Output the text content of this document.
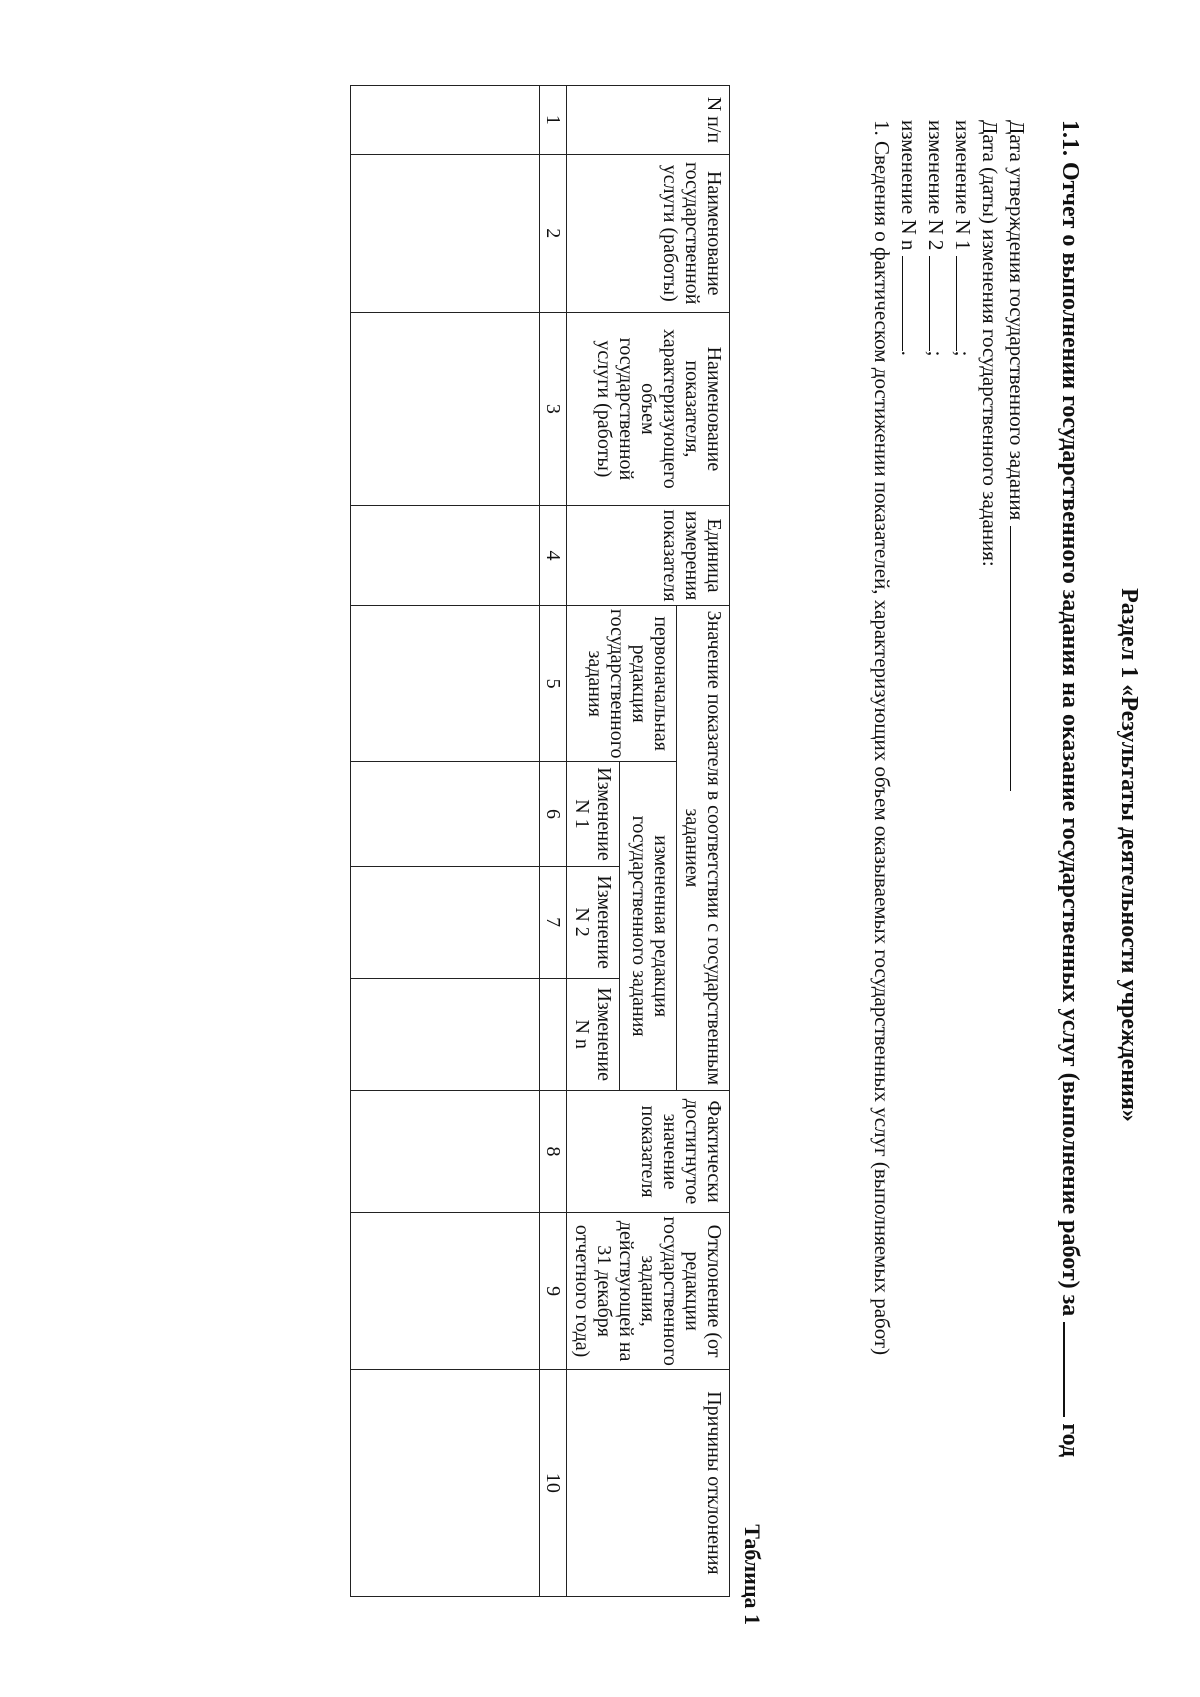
Раздел 1 «Результаты деятельности учреждения»
1.1. Отчет о выполнении государственного задания на оказание государственных услуг (выполнение работ) загод
Дата утверждения государственного задания
Дата (даты) изменения государственного задания:
изменение N 1 ;
изменение N 2 ;
изменение N n .
1. Сведения о фактическом достижении показателей, характеризующих объем оказываемых государственных услуг (выполняемых работ)
Таблица 1
N п/п	Наименование государственной услуги (работы)	Наименование показателя, характеризующего объем государственной услуги (работы)	Единица измерения показателя	Значение показателя в соответствии с государственным заданием				Фактически достигнутое значение показателя	Отклонение (от редакции государственного задания, действующей на 31 декабря отчетного года)	Причины отклонения
				первоначальная редакция государственного задания	измененная редакция государственного задания					
					Изменение N 1	Изменение N 2	Изменение N n			
1	2	3	4	5	6	7		8	9	10
